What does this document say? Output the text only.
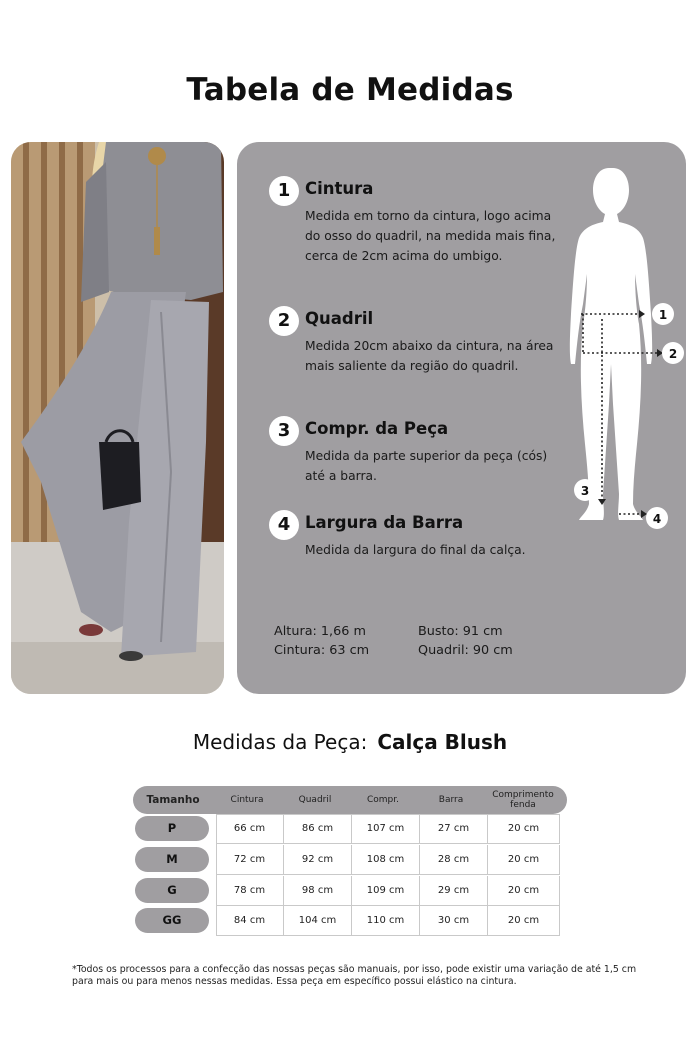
Tabela de Medidas
1 Cintura
Medida em torno da cintura, logo acima do osso do quadril, na medida mais fina, cerca de 2cm acima do umbigo.
2 Quadril
Medida 20cm abaixo da cintura, na área mais saliente da região do quadril.
3 Compr. da Peça
Medida da parte superior da peça (cós) até a barra.
4 Largura da Barra
Medida da largura do final da calça.
Altura: 1,66 m	Busto: 91 cm
Cintura: 63 cm	Quadril: 90 cm
1
2
3
4
Medidas da Peça: Calça Blush
Tamanho	Cintura	Quadril	Compr.	Barra	Comprimento fenda
P	66 cm	86 cm	107 cm	27 cm	20 cm
M	72 cm	92 cm	108 cm	28 cm	20 cm
G	78 cm	98 cm	109 cm	29 cm	20 cm
GG	84 cm	104 cm	110 cm	30 cm	20 cm

*Todos os processos para a confecção das nossas peças são manuais, por isso, pode existir uma variação de até 1,5 cm para mais ou para menos nessas medidas. Essa peça em específico possui elástico na cintura.
